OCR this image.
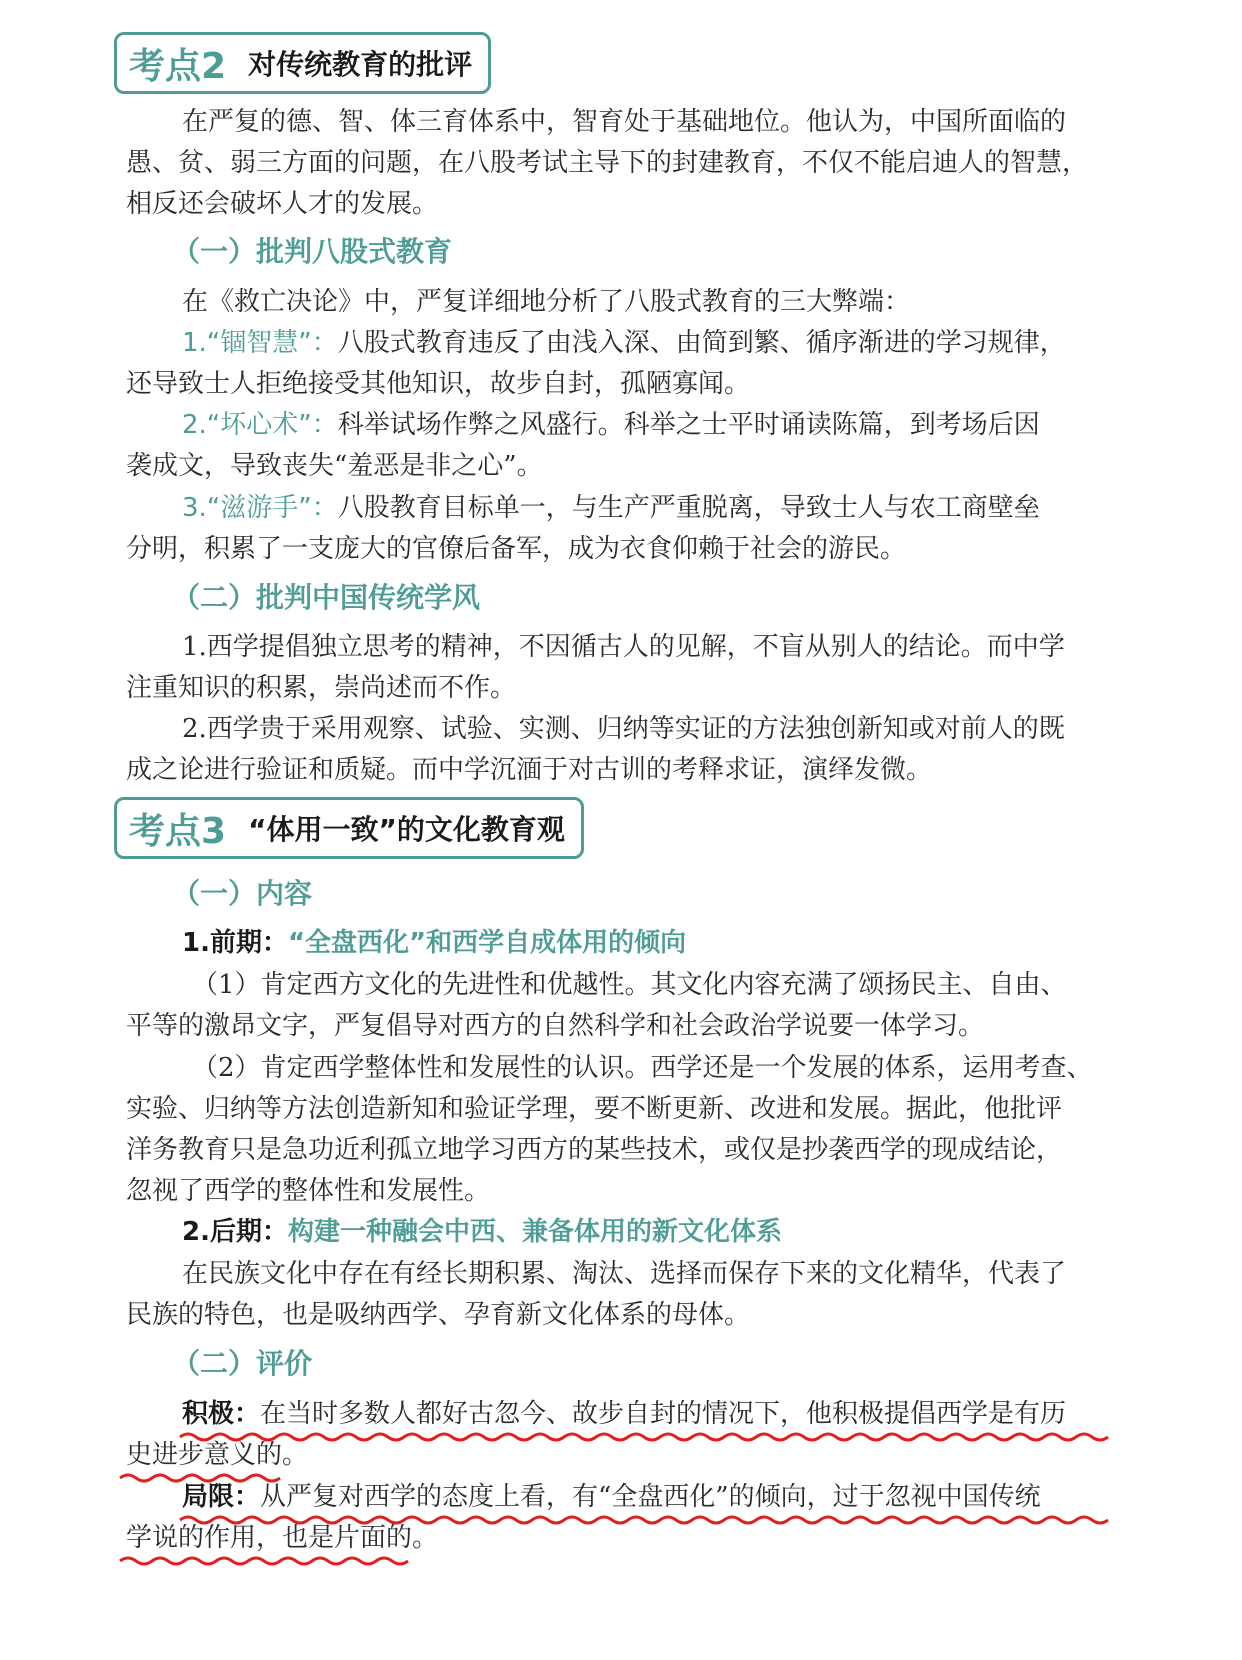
考点2 对传统教育的批评
在严复的德、智、体三育体系中，智育处于基础地位。他认为，中国所面临的
愚、贫、弱三方面的问题，在八股考试主导下的封建教育，不仅不能启迪人的智慧，
相反还会破坏人才的发展。
（一）批判八股式教育
在《救亡决论》中，严复详细地分析了八股式教育的三大弊端：
1.“锢智慧”：八股式教育违反了由浅入深、由简到繁、循序渐进的学习规律，
还导致士人拒绝接受其他知识，故步自封，孤陋寡闻。
2.“坏心术”：科举试场作弊之风盛行。科举之士平时诵读陈篇，到考场后因
袭成文，导致丧失“羞恶是非之心”。
3.“滋游手”：八股教育目标单一，与生产严重脱离，导致士人与农工商壁垒
分明，积累了一支庞大的官僚后备军，成为衣食仰赖于社会的游民。
（二）批判中国传统学风
1.西学提倡独立思考的精神，不因循古人的见解，不盲从别人的结论。而中学
注重知识的积累，崇尚述而不作。
2.西学贵于采用观察、试验、实测、归纳等实证的方法独创新知或对前人的既
成之论进行验证和质疑。而中学沉湎于对古训的考释求证，演绎发微。
考点3 “体用一致”的文化教育观
（一）内容
1.前期：“全盘西化”和西学自成体用的倾向
（1）肯定西方文化的先进性和优越性。其文化内容充满了颂扬民主、自由、
平等的激昂文字，严复倡导对西方的自然科学和社会政治学说要一体学习。
（2）肯定西学整体性和发展性的认识。西学还是一个发展的体系，运用考查、
实验、归纳等方法创造新知和验证学理，要不断更新、改进和发展。据此，他批评
洋务教育只是急功近利孤立地学习西方的某些技术，或仅是抄袭西学的现成结论，
忽视了西学的整体性和发展性。
2.后期：构建一种融会中西、兼备体用的新文化体系
在民族文化中存在有经长期积累、淘汰、选择而保存下来的文化精华，代表了
民族的特色，也是吸纳西学、孕育新文化体系的母体。
（二）评价
积极：在当时多数人都好古忽今、故步自封的情况下，他积极提倡西学是有历
史进步意义的。
局限：从严复对西学的态度上看，有“全盘西化”的倾向，过于忽视中国传统
学说的作用，也是片面的。
